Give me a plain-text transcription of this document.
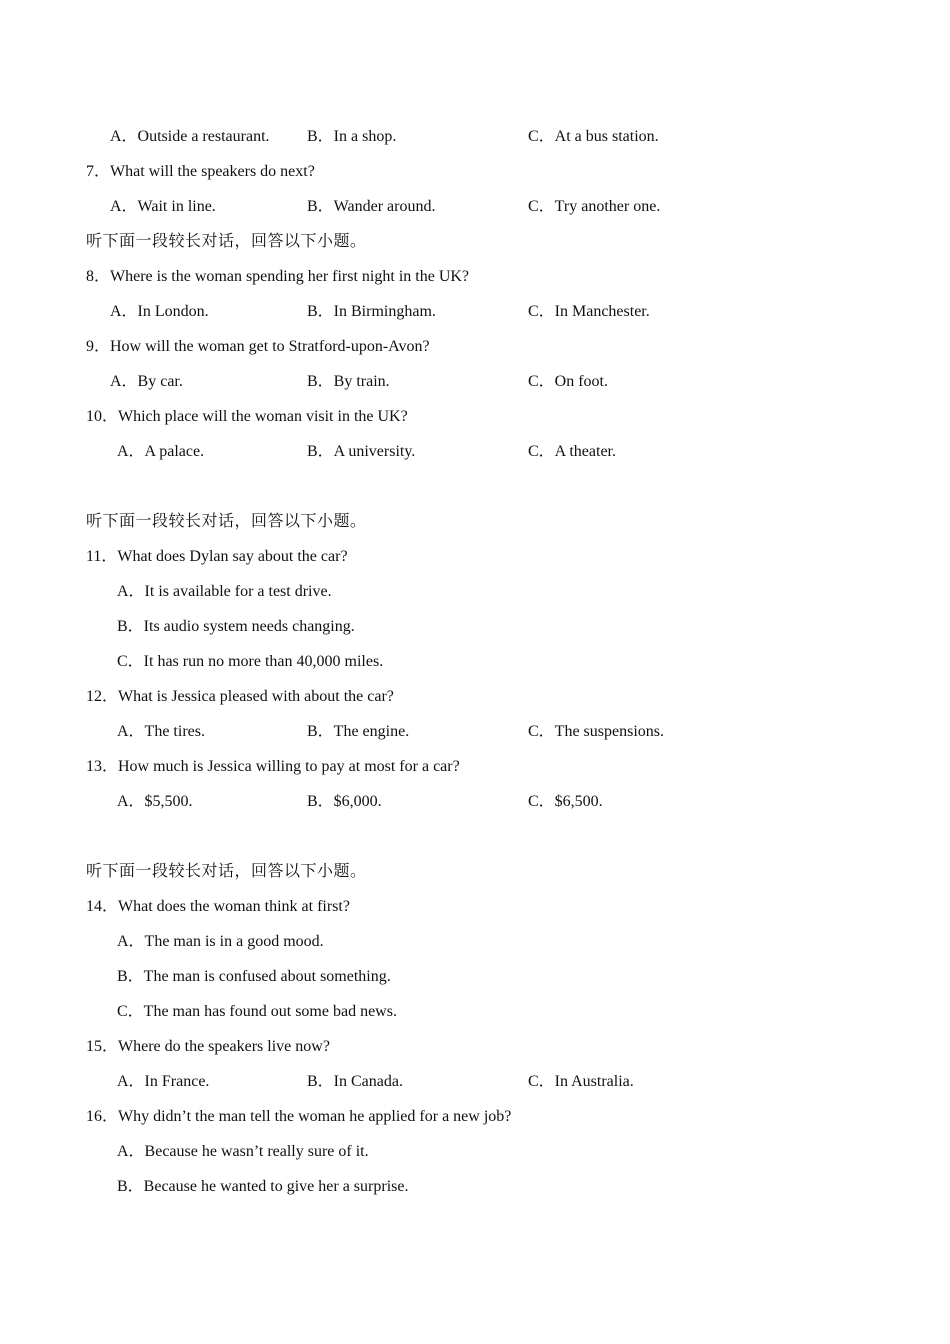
A．Outside a restaurant. B．In a shop.	C．At a bus station.
7．What will the speakers do next?
A．Wait in line.	B．Wander around.	C．Try another one.
听下面一段较长对话，回答以下小题。
8．Where is the woman spending her first night in the UK?
A．In London.	B．In Birmingham.	C．In Manchester.
9．How will the woman get to Stratford-upon-Avon?
A．By car.	B．By train.	C．On foot.
10．Which place will the woman visit in the UK?
A．A palace.	B．A university.	C．A theater.
听下面一段较长对话，回答以下小题。
11．What does Dylan say about the car?
A．It is available for a test drive.
B．Its audio system needs changing.
C．It has run no more than 40,000 miles.
12．What is Jessica pleased with about the car?
A．The tires.	B．The engine.	C．The suspensions.
13．How much is Jessica willing to pay at most for a car?
A．$5,500.	B．$6,000.	C．$6,500.
听下面一段较长对话，回答以下小题。
14．What does the woman think at first?
A．The man is in a good mood.
B．The man is confused about something.
C．The man has found out some bad news.
15．Where do the speakers live now?
A．In France.	B．In Canada.	C．In Australia.
16．Why didn’t the man tell the woman he applied for a new job?
A．Because he wasn’t really sure of it.
B．Because he wanted to give her a surprise.
